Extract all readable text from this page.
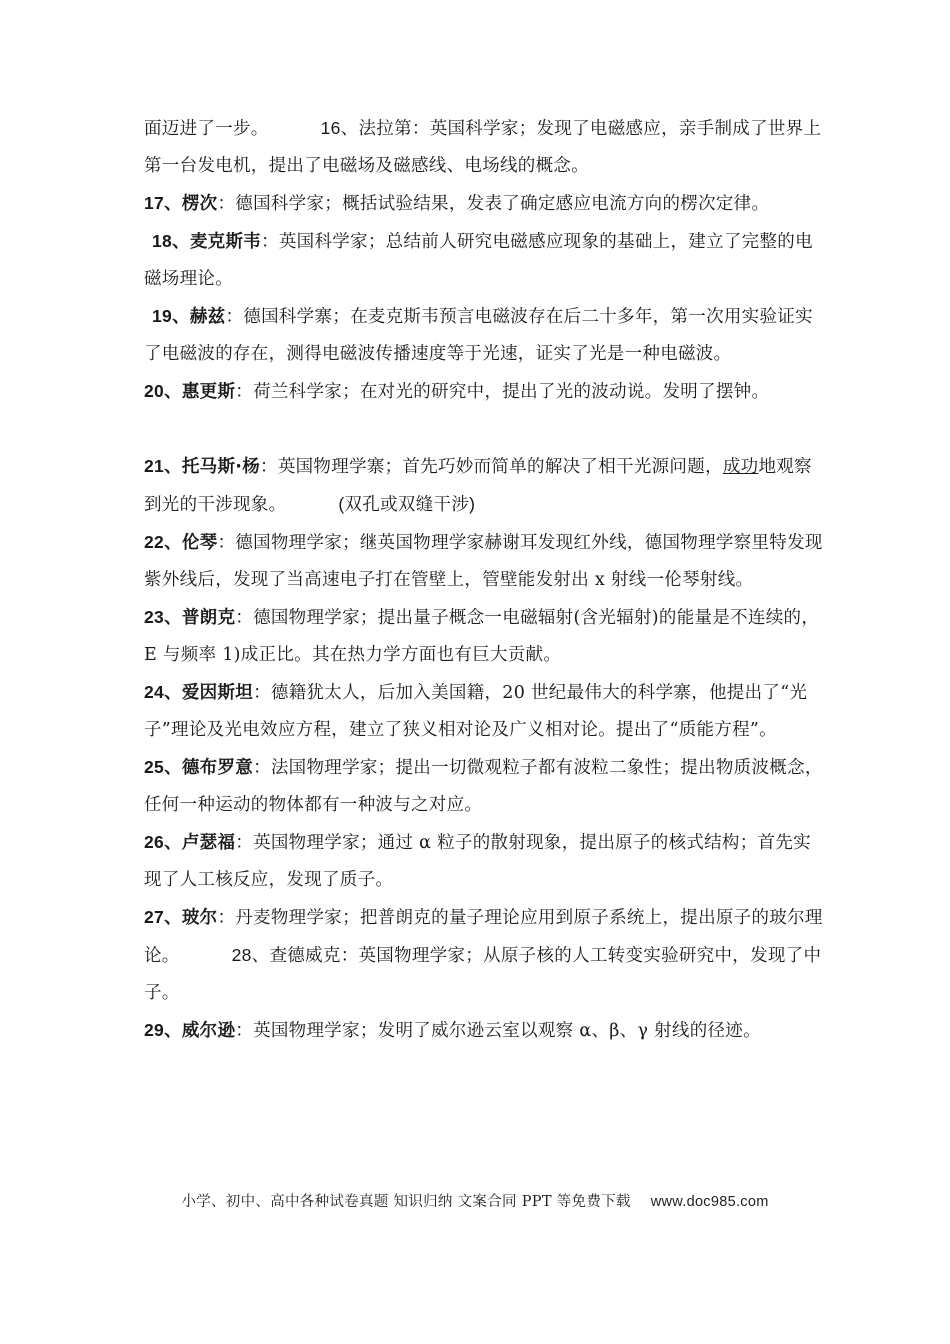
面迈进了一步。	16、法拉第：英国科学家；发现了电磁感应，亲手制成了世界上第一台发电机，提出了电磁场及磁感线、电场线的概念。

17、楞次：德国科学家；概括试验结果，发表了确定感应电流方向的楞次定律。

18、麦克斯韦：英国科学家；总结前人研究电磁感应现象的基础上，建立了完整的电磁场理论。

19、赫兹：德国科学寨；在麦克斯韦预言电磁波存在后二十多年，第一次用实验证实了电磁波的存在，测得电磁波传播速度等于光速，证实了光是一种电磁波。

20、惠更斯：荷兰科学家；在对光的研究中，提出了光的波动说。发明了摆钟。

21、托马斯·杨：英国物理学寨；首先巧妙而简单的解决了相干光源问题，成功地观察到光的干涉现象。	(双孔或双缝干涉)

22、伦琴：德国物理学家；继英国物理学家赫谢耳发现红外线，德国物理学察里特发现紫外线后，发现了当高速电子打在管壁上，管壁能发射出 x 射线一伦琴射线。

23、普朗克：德国物理学家；提出量子概念一电磁辐射(含光辐射)的能量是不连续的，E 与频率 1)成正比。其在热力学方面也有巨大贡献。

24、爱因斯坦：德籍犹太人，后加入美国籍，20 世纪最伟大的科学寨，他提出了“光子”理论及光电效应方程，建立了狭义相对论及广义相对论。提出了“质能方程”。

25、德布罗意：法国物理学家；提出一切微观粒子都有波粒二象性；提出物质波概念，任何一种运动的物体都有一种波与之对应。

26、卢瑟福：英国物理学家；通过 α 粒子的散射现象，提出原子的核式结构；首先实现了人工核反应，发现了质子。

27、玻尔：丹麦物理学家；把普朗克的量子理论应用到原子系统上，提出原子的玻尔理论。	28、查德威克：英国物理学家；从原子核的人工转变实验研究中，发现了中子。

29、威尔逊：英国物理学家；发明了威尔逊云室以观察 α、β、γ 射线的径迹。

小学、初中、高中各种试卷真题 知识归纳 文案合同 PPT 等免费下载 www.doc985.com
